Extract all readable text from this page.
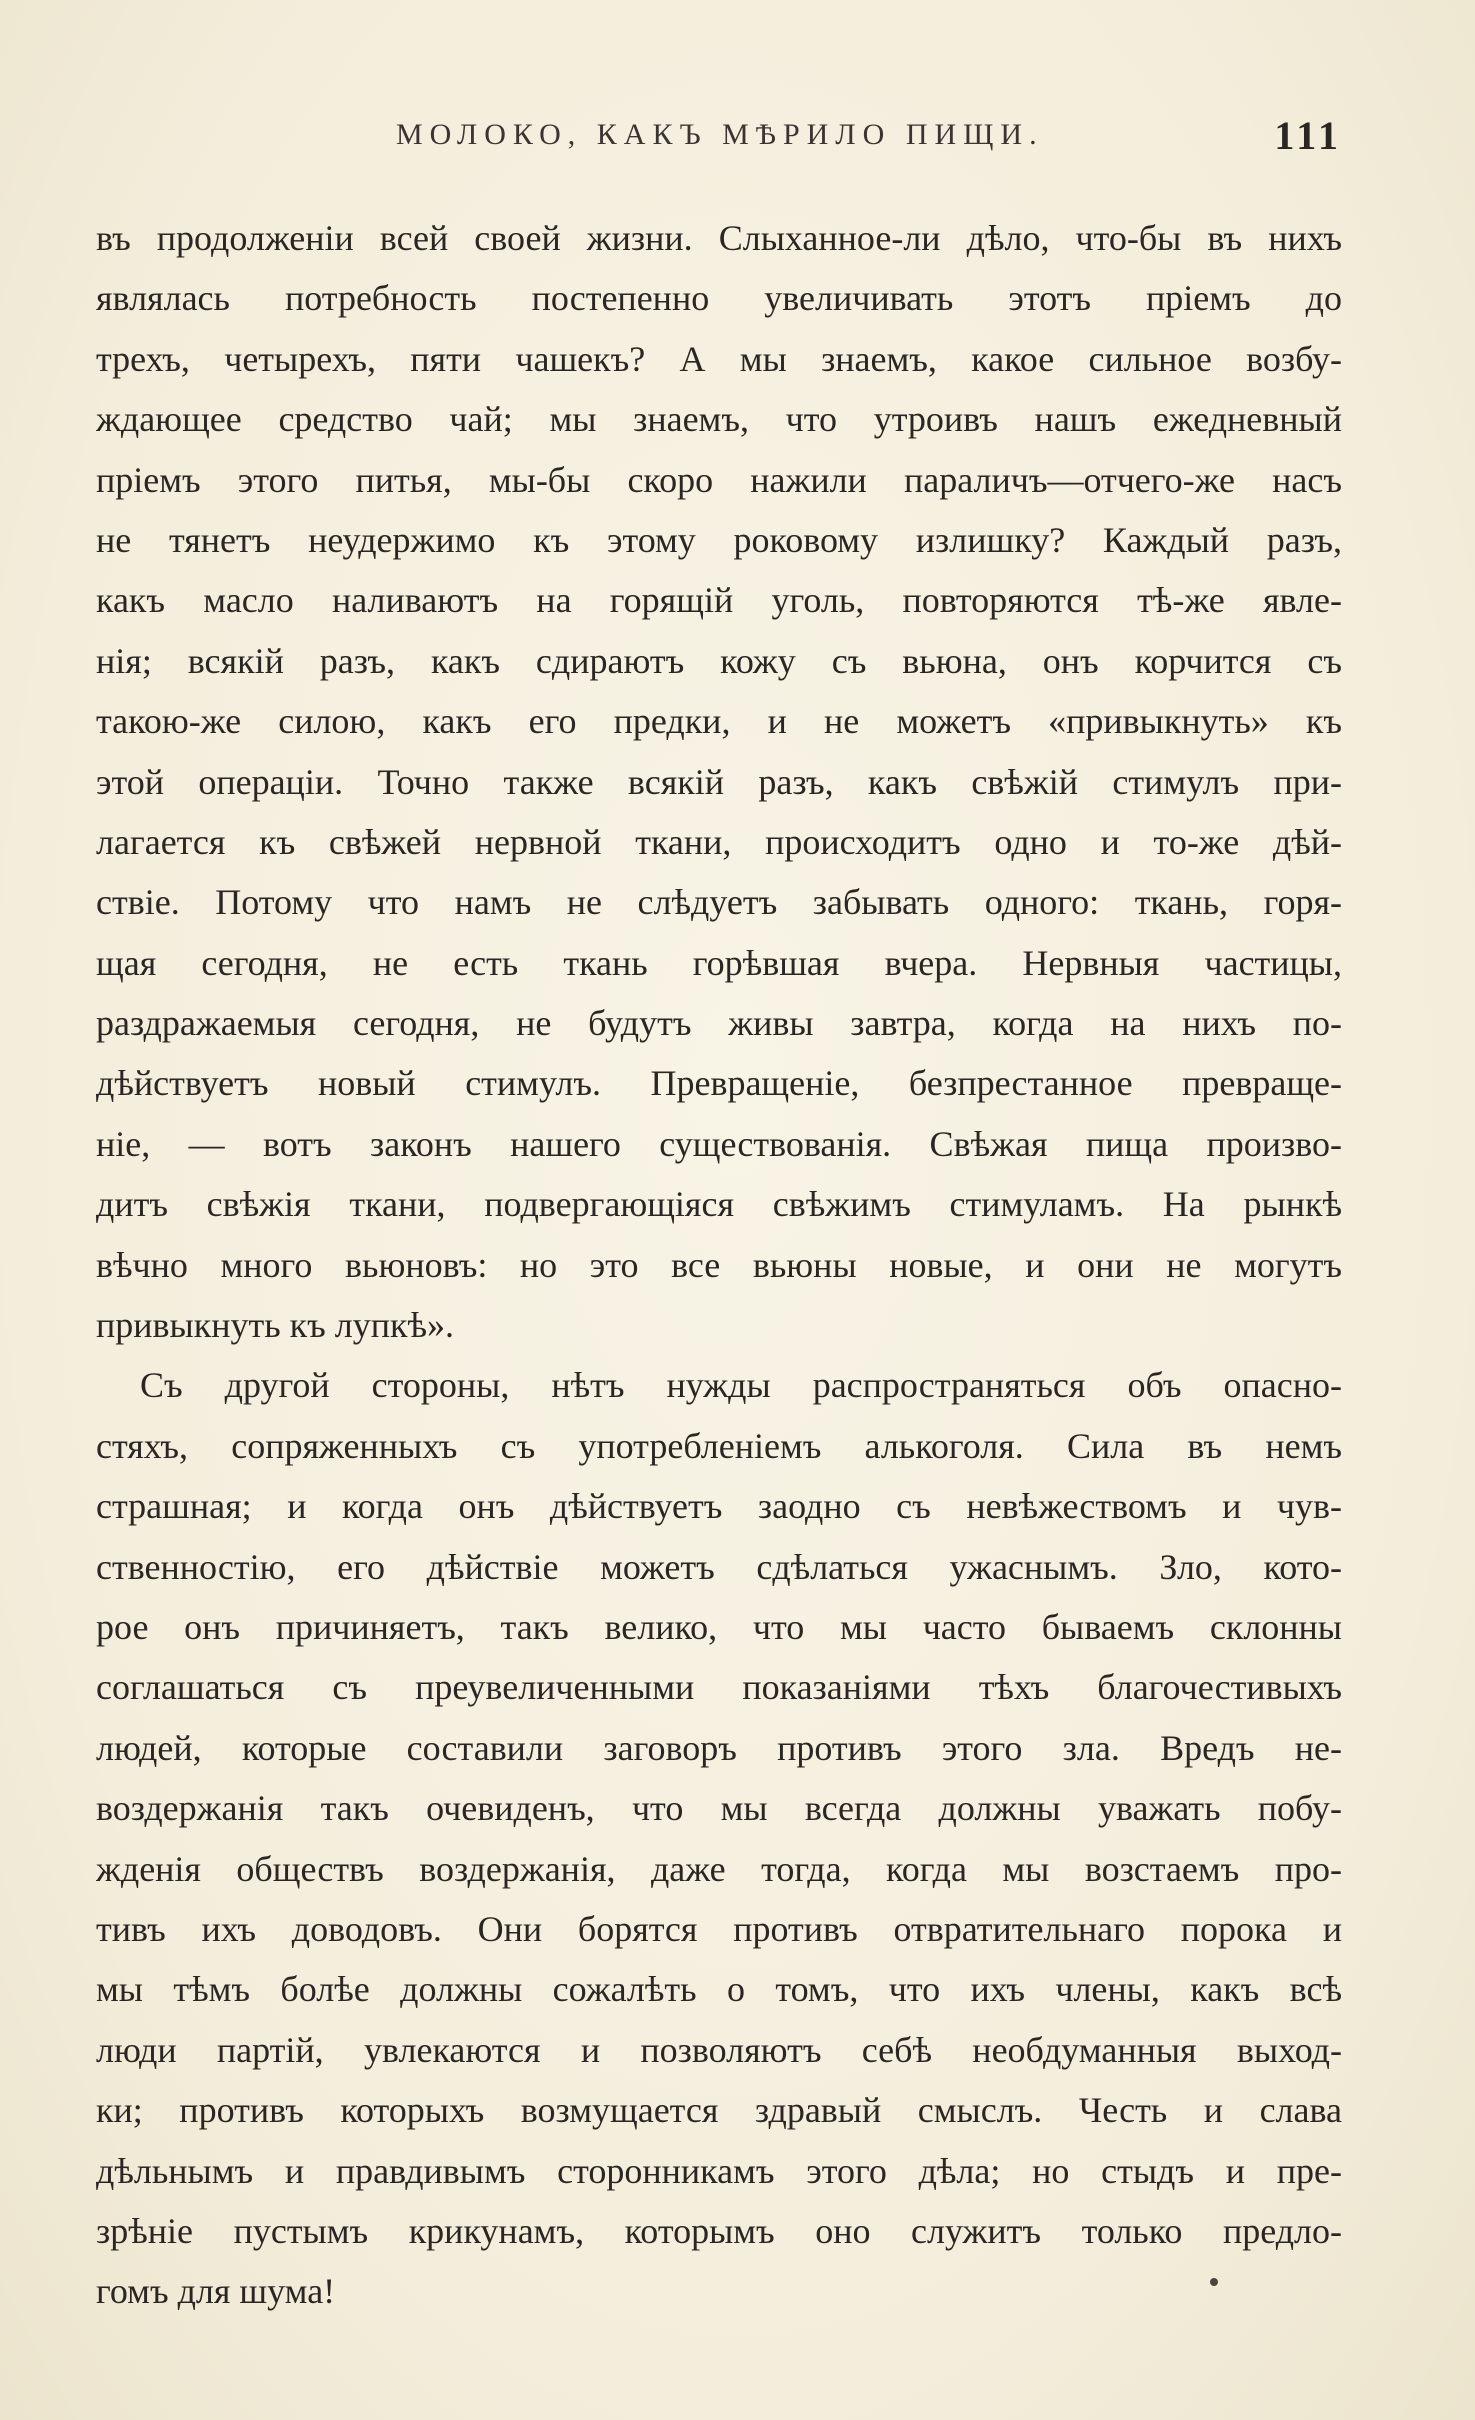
МОЛОКО, КАКЪ МѢРИЛО ПИЩИ.	111
въ продолженіи всей своей жизни. Слыханное-ли дѣло, что-бы въ нихъ
являлась потребность постепенно увеличивать этотъ пріемъ до
трехъ, четырехъ, пяти чашекъ? А мы знаемъ, какое сильное возбу-
ждающее средство чай; мы знаемъ, что утроивъ нашъ ежедневный
пріемъ этого питья, мы-бы скоро нажили параличъ—отчего-же насъ
не тянетъ неудержимо къ этому роковому излишку? Каждый разъ,
какъ масло наливаютъ на горящій уголь, повторяются тѣ-же явле-
нія; всякій разъ, какъ сдираютъ кожу съ вьюна, онъ корчится съ
такою-же силою, какъ его предки, и не можетъ «привыкнуть» къ
этой операціи. Точно также всякій разъ, какъ свѣжій стимулъ при-
лагается къ свѣжей нервной ткани, происходитъ одно и то-же дѣй-
ствіе. Потому что намъ не слѣдуетъ забывать одного: ткань, горя-
щая сегодня, не есть ткань горѣвшая вчера. Нервныя частицы,
раздражаемыя сегодня, не будутъ живы завтра, когда на нихъ по-
дѣйствуетъ новый стимулъ. Превращеніе, безпрестанное превраще-
ніе, — вотъ законъ нашего существованія. Свѣжая пища произво-
дитъ свѣжія ткани, подвергающіяся свѣжимъ стимуламъ. На рынкѣ
вѣчно много вьюновъ: но это все вьюны новые, и они не могутъ
привыкнуть къ лупкѣ».
Съ другой стороны, нѣтъ нужды распространяться объ опасно-
стяхъ, сопряженныхъ съ употребленіемъ алькоголя. Сила въ немъ
страшная; и когда онъ дѣйствуетъ заодно съ невѣжествомъ и чув-
ственностію, его дѣйствіе можетъ сдѣлаться ужаснымъ. Зло, кото-
рое онъ причиняетъ, такъ велико, что мы часто бываемъ склонны
соглашаться съ преувеличенными показаніями тѣхъ благочестивыхъ
людей, которые составили заговоръ противъ этого зла. Вредъ не-
воздержанія такъ очевиденъ, что мы всегда должны уважать побу-
жденія обществъ воздержанія, даже тогда, когда мы возстаемъ про-
тивъ ихъ доводовъ. Они борятся противъ отвратительнаго порока и
мы тѣмъ болѣе должны сожалѣть о томъ, что ихъ члены, какъ всѣ
люди партій, увлекаются и позволяютъ себѣ необдуманныя выход-
ки; противъ которыхъ возмущается здравый смыслъ. Честь и слава
дѣльнымъ и правдивымъ сторонникамъ этого дѣла; но стыдъ и пре-
зрѣніе пустымъ крикунамъ, которымъ оно служитъ только предло-
гомъ для шума!
